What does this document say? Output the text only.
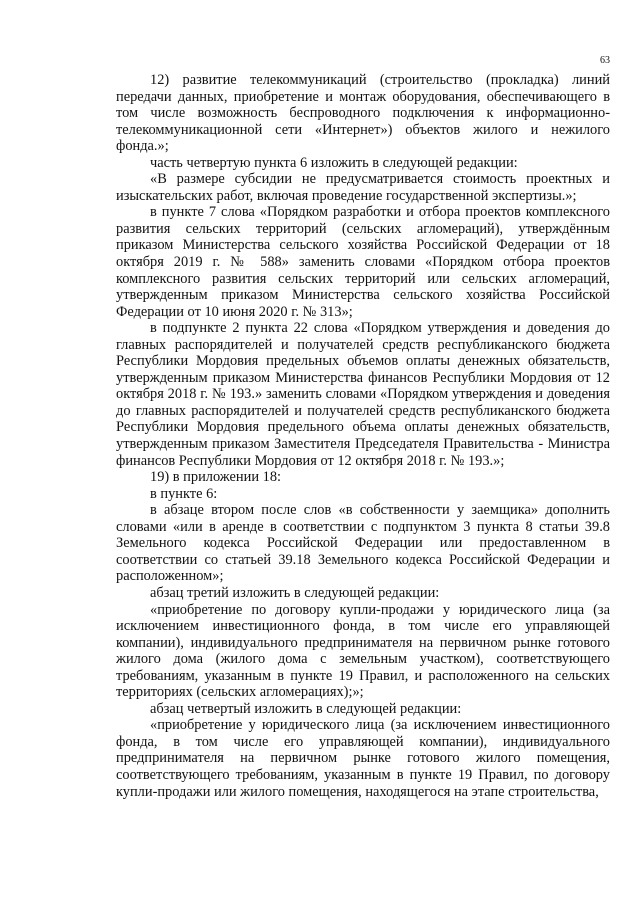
63

12) развитие телекоммуникаций (строительство (прокладка) линий передачи данных, приобретение и монтаж оборудования, обеспечивающего в том числе возможность беспроводного подключения к информационно-телекоммуникационной сети «Интернет») объектов жилого и нежилого фонда.»;

часть четвертую пункта 6 изложить в следующей редакции:

«В размере субсидии не предусматривается стоимость проектных и изыскательских работ, включая проведение государственной экспертизы.»;

в пункте 7 слова «Порядком разработки и отбора проектов комплексного развития сельских территорий (сельских агломераций), утверждённым приказом Министерства сельского хозяйства Российской Федерации от 18 октября 2019 г. № 588» заменить словами «Порядком отбора проектов комплексного развития сельских территорий или сельских агломераций, утвержденным приказом Министерства сельского хозяйства Российской Федерации от 10 июня 2020 г. № 313»;

в подпункте 2 пункта 22 слова «Порядком утверждения и доведения до главных распорядителей и получателей средств республиканского бюджета Республики Мордовия предельных объемов оплаты денежных обязательств, утвержденным приказом Министерства финансов Республики Мордовия от 12 октября 2018 г. № 193.» заменить словами «Порядком утверждения и доведения до главных распорядителей и получателей средств республиканского бюджета Республики Мордовия предельного объема оплаты денежных обязательств, утвержденным приказом Заместителя Председателя Правительства - Министра финансов Республики Мордовия от 12 октября 2018 г. № 193.»;

19) в приложении 18:

в пункте 6:

в абзаце втором после слов «в собственности у заемщика» дополнить словами «или в аренде в соответствии с подпунктом 3 пункта 8 статьи 39.8 Земельного кодекса Российской Федерации или предоставленном в соответствии со статьей 39.18 Земельного кодекса Российской Федерации и расположенном»;

абзац третий изложить в следующей редакции:

«приобретение по договору купли-продажи у юридического лица (за исключением инвестиционного фонда, в том числе его управляющей компании), индивидуального предпринимателя на первичном рынке готового жилого дома (жилого дома с земельным участком), соответствующего требованиям, указанным в пункте 19 Правил, и расположенного на сельских территориях (сельских агломерациях);»;

абзац четвертый изложить в следующей редакции:

«приобретение у юридического лица (за исключением инвестиционного фонда, в том числе его управляющей компании), индивидуального предпринимателя на первичном рынке готового жилого помещения, соответствующего требованиям, указанным в пункте 19 Правил, по договору купли-продажи или жилого помещения, находящегося на этапе строительства,
